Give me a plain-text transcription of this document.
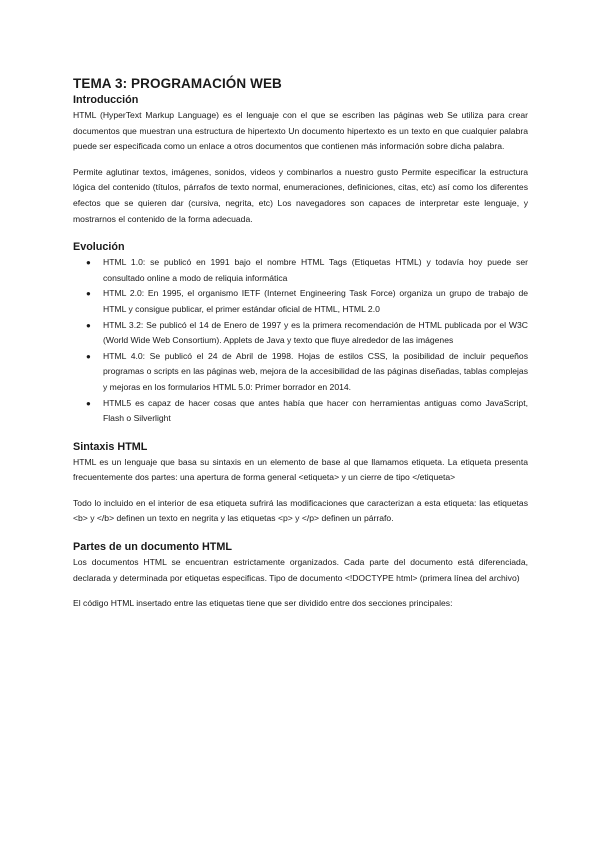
TEMA 3: PROGRAMACIÓN WEB
Introducción

HTML (HyperText Markup Language) es el lenguaje con el que se escriben las páginas web Se utiliza para crear documentos que muestran una estructura de hipertexto Un documento hipertexto es un texto en que cualquier palabra puede ser especificada como un enlace a otros documentos que contienen más información sobre dicha palabra.

Permite aglutinar textos, imágenes, sonidos, videos y combinarlos a nuestro gusto Permite especificar la estructura lógica del contenido (títulos, párrafos de texto normal, enumeraciones, definiciones, citas, etc) así como los diferentes efectos que se quieren dar (cursiva, negrita, etc) Los navegadores son capaces de interpretar este lenguaje, y mostrarnos el contenido de la forma adecuada.

Evolución
● HTML 1.0: se publicó en 1991 bajo el nombre HTML Tags (Etiquetas HTML) y todavía hoy puede ser consultado online a modo de reliquia informática
● HTML 2.0: En 1995, el organismo IETF (Internet Engineering Task Force) organiza un grupo de trabajo de HTML y consigue publicar, el primer estándar oficial de HTML, HTML 2.0
● HTML 3.2: Se publicó el 14 de Enero de 1997 y es la primera recomendación de HTML publicada por el W3C (World Wide Web Consortium). Applets de Java y texto que fluye alrededor de las imágenes
● HTML 4.0: Se publicó el 24 de Abril de 1998. Hojas de estilos CSS, la posibilidad de incluir pequeños programas o scripts en las páginas web, mejora de la accesibilidad de las páginas diseñadas, tablas complejas y mejoras en los formularios HTML 5.0: Primer borrador en 2014.
● HTML5 es capaz de hacer cosas que antes había que hacer con herramientas antiguas como JavaScript, Flash o Silverlight
Sintaxis HTML

HTML es un lenguaje que basa su sintaxis en un elemento de base al que llamamos etiqueta. La etiqueta presenta frecuentemente dos partes: una apertura de forma general <etiqueta> y un cierre de tipo </etiqueta>

Todo lo incluido en el interior de esa etiqueta sufrirá las modificaciones que caracterizan a esta etiqueta: las etiquetas <b> y </b> definen un texto en negrita y las etiquetas <p> y </p> definen un párrafo.

Partes de un documento HTML

Los documentos HTML se encuentran estrictamente organizados. Cada parte del documento está diferenciada, declarada y determinada por etiquetas especificas. Tipo de documento <!DOCTYPE html> (primera línea del archivo)

El código HTML insertado entre las etiquetas tiene que ser dividido entre dos secciones principales:
